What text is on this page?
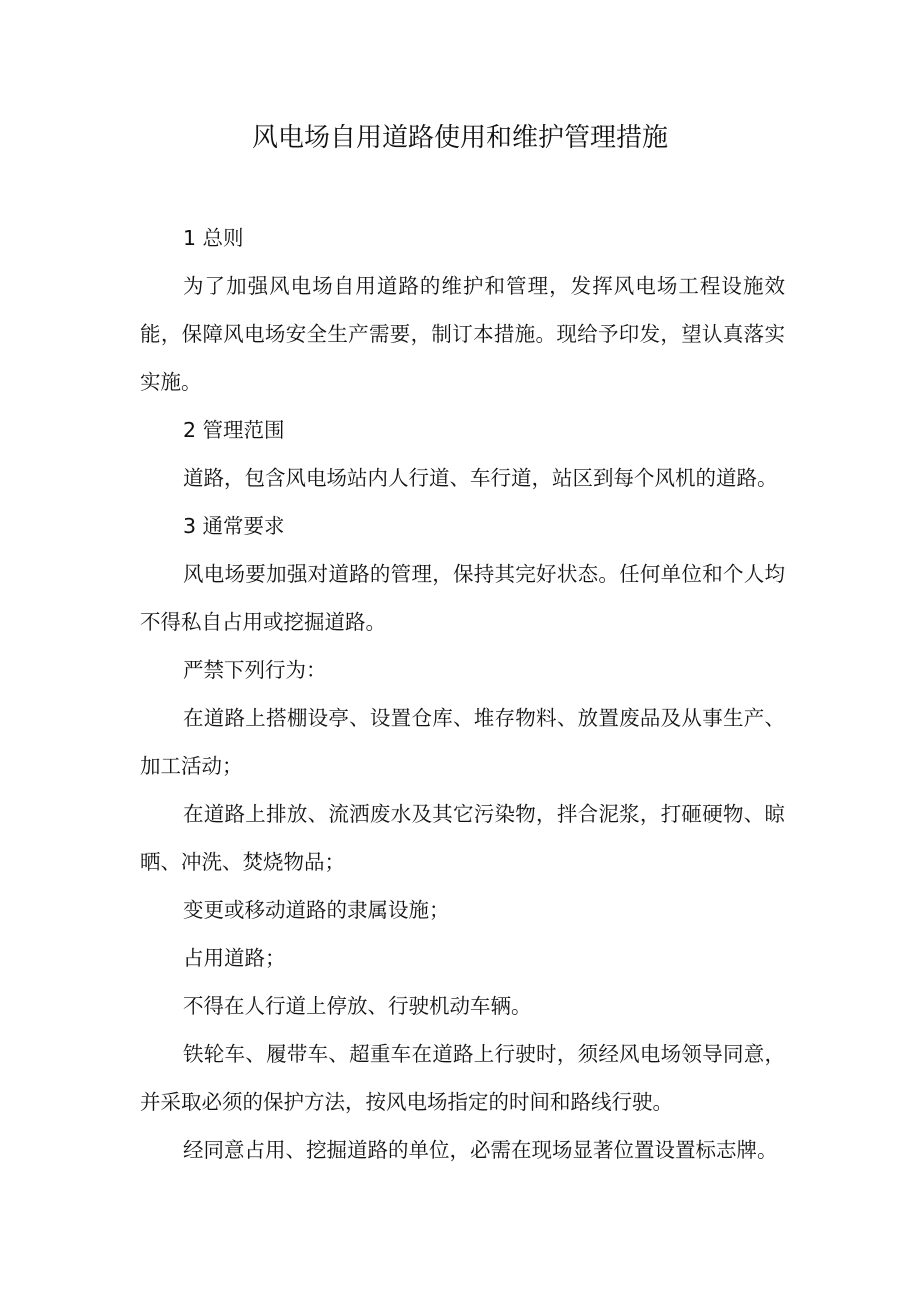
风电场自用道路使用和维护管理措施

1 总则

为了加强风电场自用道路的维护和管理，发挥风电场工程设施效能，保障风电场安全生产需要，制订本措施。现给予印发，望认真落实实施。

2 管理范围

道路，包含风电场站内人行道、车行道，站区到每个风机的道路。

3 通常要求

风电场要加强对道路的管理，保持其完好状态。任何单位和个人均不得私自占用或挖掘道路。

严禁下列行为：

在道路上搭棚设亭、设置仓库、堆存物料、放置废品及从事生产、加工活动；

在道路上排放、流洒废水及其它污染物，拌合泥浆，打砸硬物、晾晒、冲洗、焚烧物品；

变更或移动道路的隶属设施；

占用道路；

不得在人行道上停放、行驶机动车辆。

铁轮车、履带车、超重车在道路上行驶时，须经风电场领导同意，并采取必须的保护方法，按风电场指定的时间和路线行驶。

经同意占用、挖掘道路的单位，必需在现场显著位置设置标志牌。
